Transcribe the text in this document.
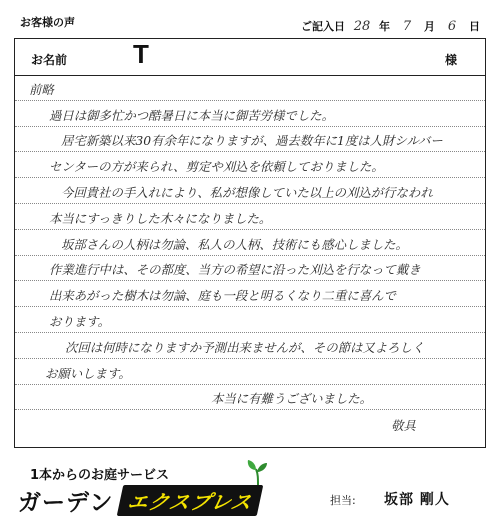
お客様の声	ご記入日 28 年 7	月 6	日
お名前	T	様
前略
過日は御多忙かつ酷暑日に本当に御苦労様でした。
居宅新築以来30有余年になりますが、過去数年に1度は人財シルバー
センターの方が来られ、剪定や刈込を依頼しておりました。
今回貴社の手入れにより、私が想像していた以上の刈込が行なわれ
本当にすっきりした木々になりました。
坂部さんの人柄は勿論、私人の人柄、技術にも感心しました。
作業進行中は、その都度、当方の希望に沿った刈込を行なって戴き
出来あがった樹木は勿論、庭も一段と明るくなり二重に喜んで
おります。
次回は何時になりますか予測出来ませんが、その節は又よろしく
お願いします。
本当に有難うございました。
敬具
1本からのお庭サービス
ガーデン エクスプレス	担当: 坂部 剛人
